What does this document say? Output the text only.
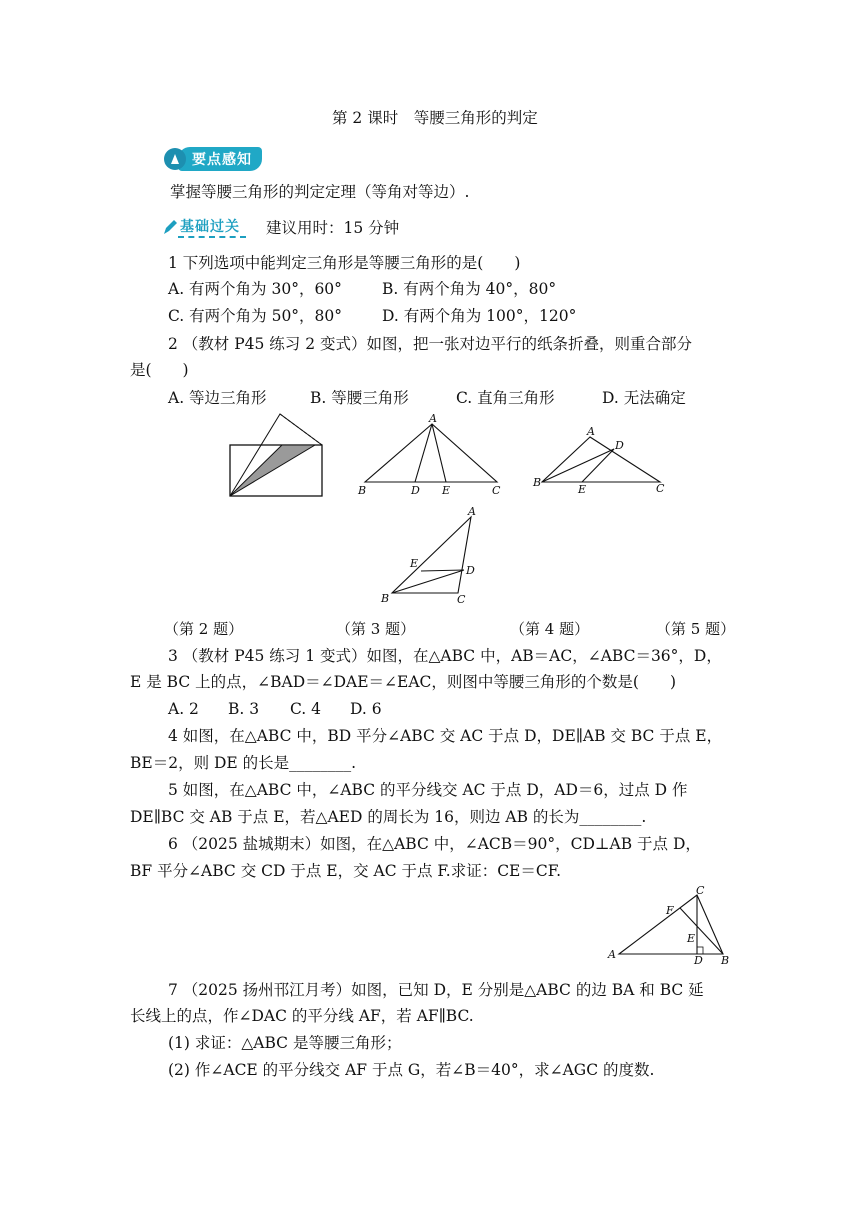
第 2 课时　等腰三角形的判定
要点感知
掌握等腰三角形的判定定理（等角对等边）.
基础过关	建议用时：15 分钟
1 下列选项中能判定三角形是等腰三角形的是(　　)
A. 有两个角为 30°，60°	B. 有两个角为 40°，80°
C. 有两个角为 50°，80°	D. 有两个角为 100°，120°
2 （教材 P45 练习 2 变式）如图，把一张对边平行的纸条折叠，则重合部分
是(　　)
A. 等边三角形	B. 等腰三角形	C. 直角三角形	D. 无法确定
A
B	D E	C
A
D
B
E	C
A
E
D
B	C
（第 2 题）	（第 3 题）	（第 4 题）	（第 5 题）
3 （教材 P45 练习 1 变式）如图，在△ABC 中，AB＝AC，∠ABC＝36°，D，
E 是 BC 上的点，∠BAD＝∠DAE＝∠EAC，则图中等腰三角形的个数是(　　)
A. 2 B. 3 C. 4 D. 6
4 如图，在△ABC 中，BD 平分∠ABC 交 AC 于点 D，DE∥AB 交 BC 于点 E，
BE＝2，则 DE 的长是________.
5 如图，在△ABC 中，∠ABC 的平分线交 AC 于点 D，AD＝6，过点 D 作
DE∥BC 交 AB 于点 E，若△AED 的周长为 16，则边 AB 的长为________.
6 （2025 盐城期末）如图，在△ABC 中，∠ACB＝90°，CD⊥AB 于点 D，
BF 平分∠ABC 交 CD 于点 E，交 AC 于点 F.求证：CE＝CF.
C
F
E
A	D B
7 （2025 扬州邗江月考）如图，已知 D，E 分别是△ABC 的边 BA 和 BC 延
长线上的点，作∠DAC 的平分线 AF，若 AF∥BC.
(1) 求证：△ABC 是等腰三角形；
(2) 作∠ACE 的平分线交 AF 于点 G，若∠B＝40°，求∠AGC 的度数.
